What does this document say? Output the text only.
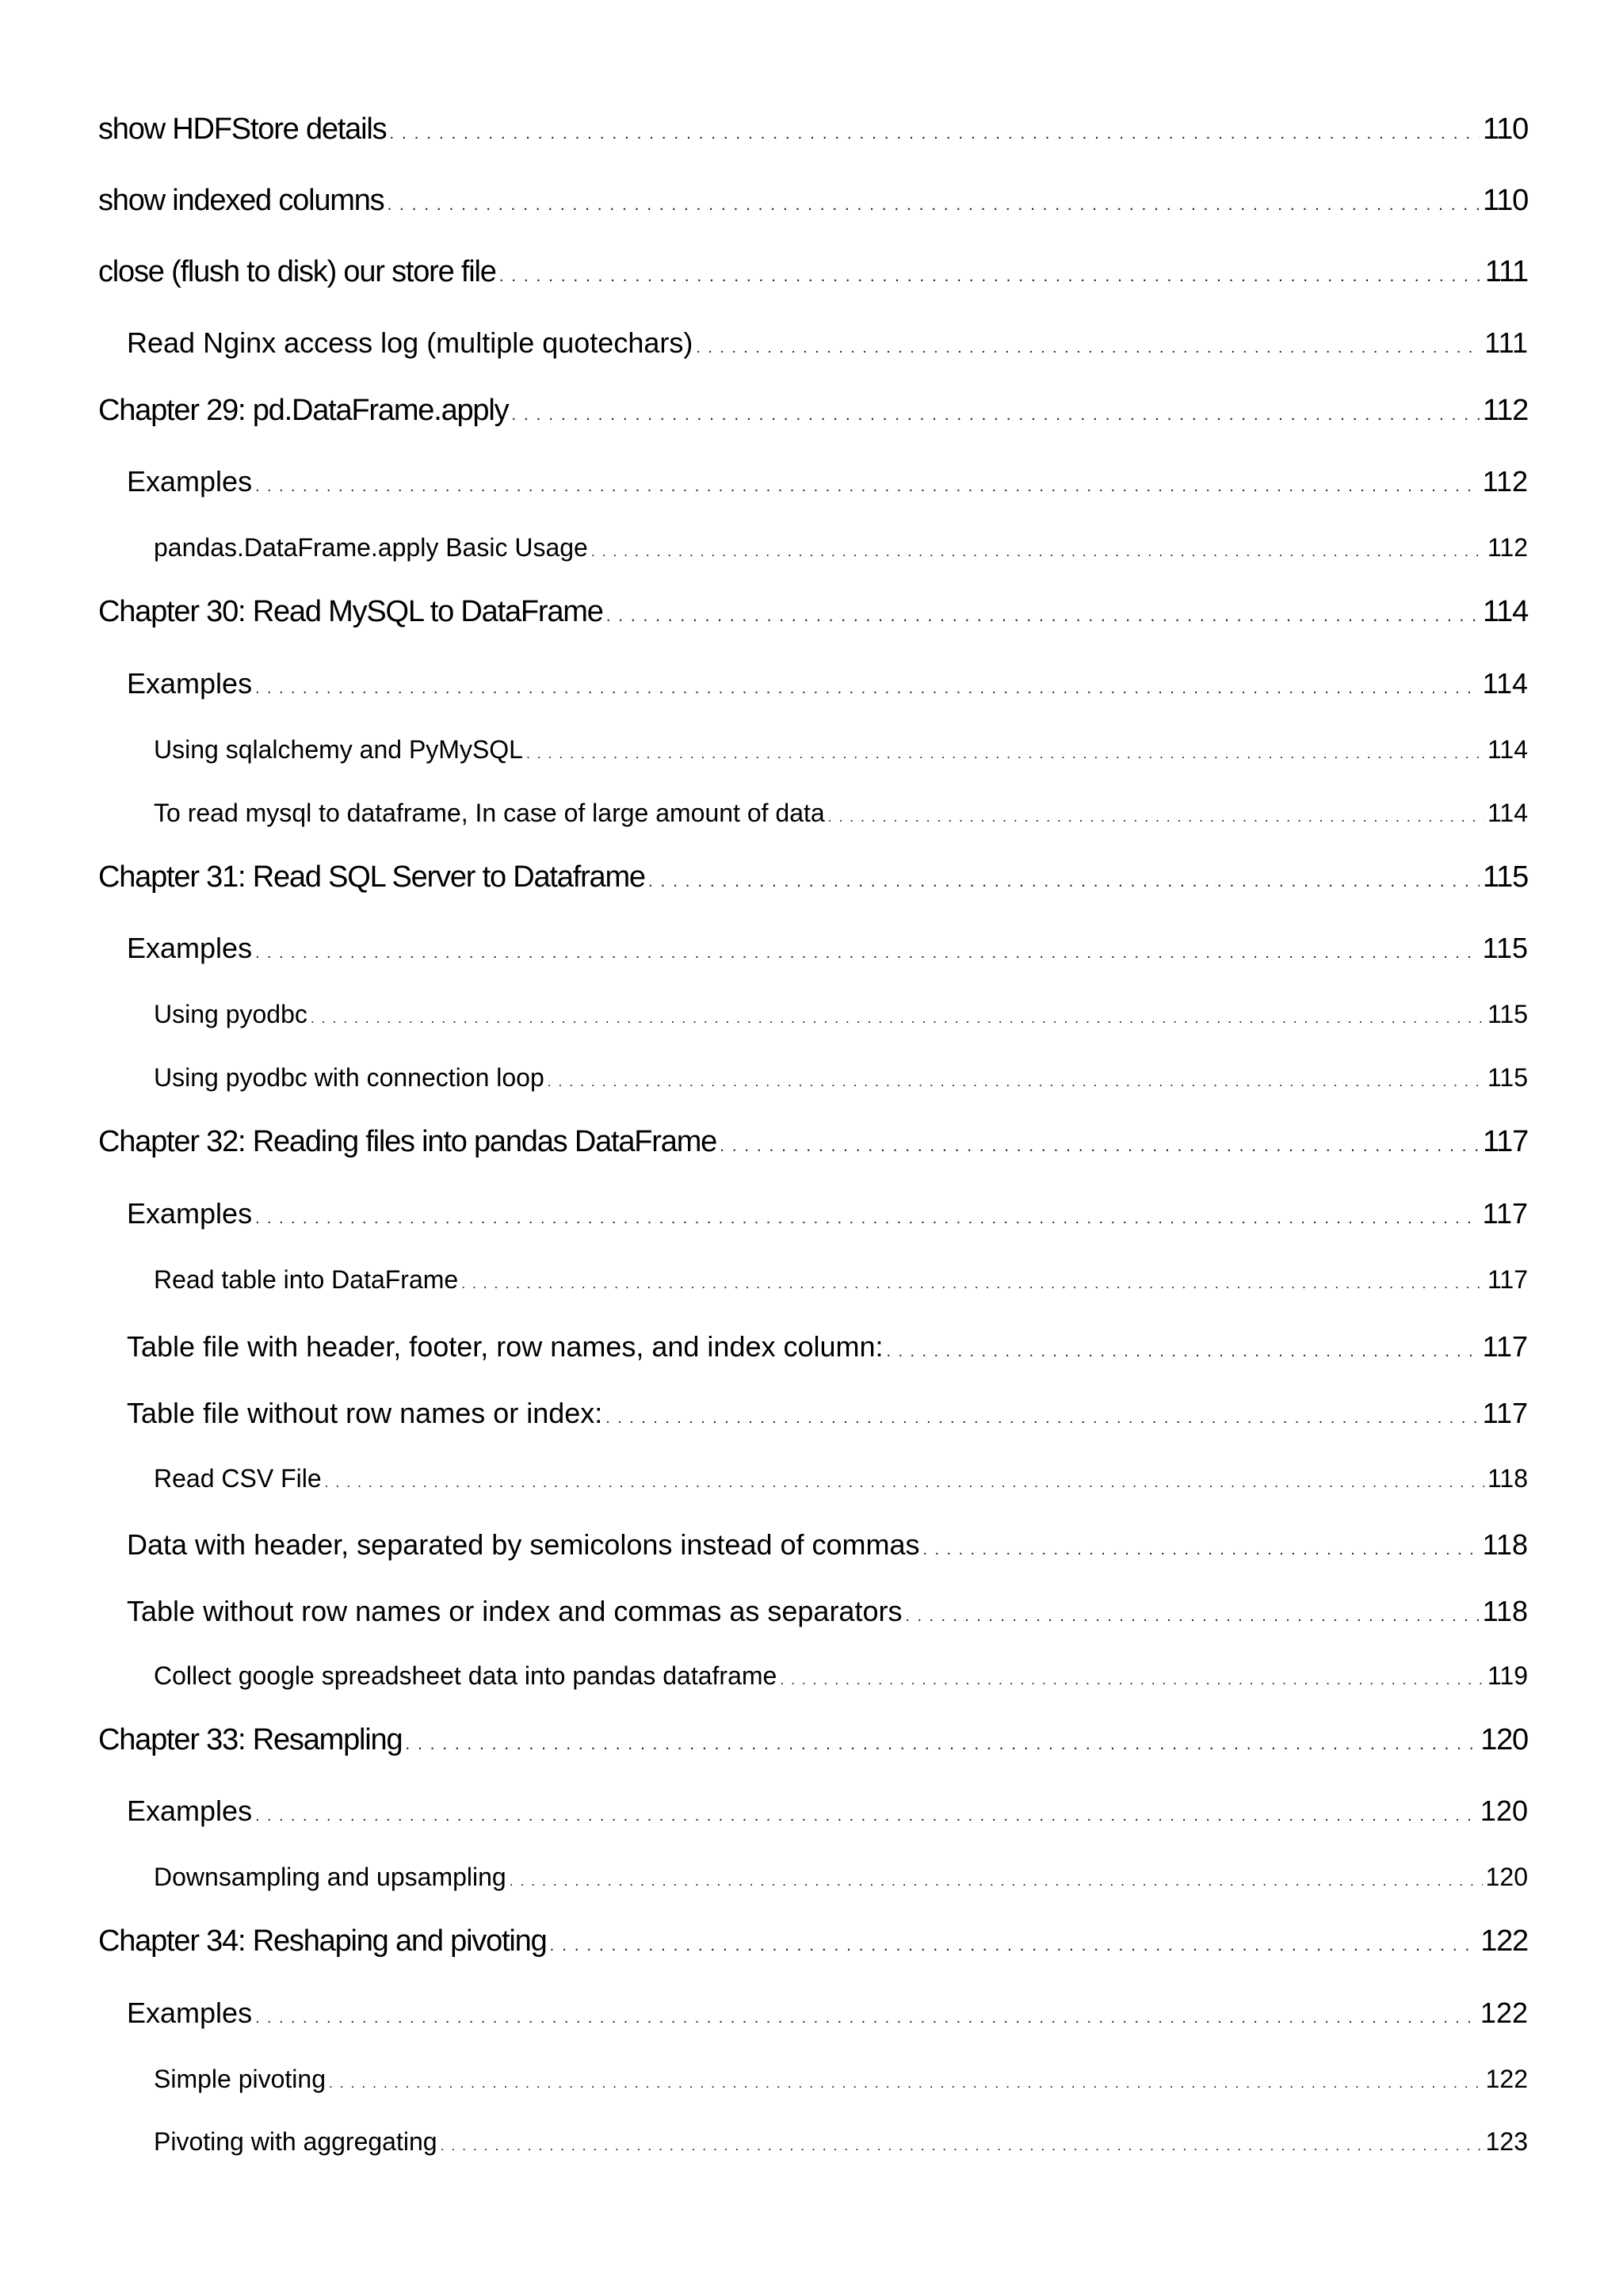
show HDFStore details . . .	110
show indexed columns . . .	110
close (flush to disk) our store file . . .	111
Read Nginx access log (multiple quotechars) . . .	111
Chapter 29: pd.DataFrame.apply . . .	112
Examples . . .	112
pandas.DataFrame.apply Basic Usage . . .	112
Chapter 30: Read MySQL to DataFrame . . .	114
Examples . . .	114
Using sqlalchemy and PyMySQL . . .	114
To read mysql to dataframe, In case of large amount of data . . .	114
Chapter 31: Read SQL Server to Dataframe . . .	115
Examples . . .	115
Using pyodbc . . .	115
Using pyodbc with connection loop . . .	115
Chapter 32: Reading files into pandas DataFrame . . .	117
Examples . . .	117
Read table into DataFrame . . .	117
Table file with header, footer, row names, and index column: . . .	117
Table file without row names or index: . . .	117
Read CSV File . . .	118
Data with header, separated by semicolons instead of commas . . .	118
Table without row names or index and commas as separators . . .	118
Collect google spreadsheet data into pandas dataframe . . .	119
Chapter 33: Resampling . . .	120
Examples . . .	120
Downsampling and upsampling . . .	120
Chapter 34: Reshaping and pivoting . . .	122
Examples . . .	122
Simple pivoting . . .	122
Pivoting with aggregating . . .	123
